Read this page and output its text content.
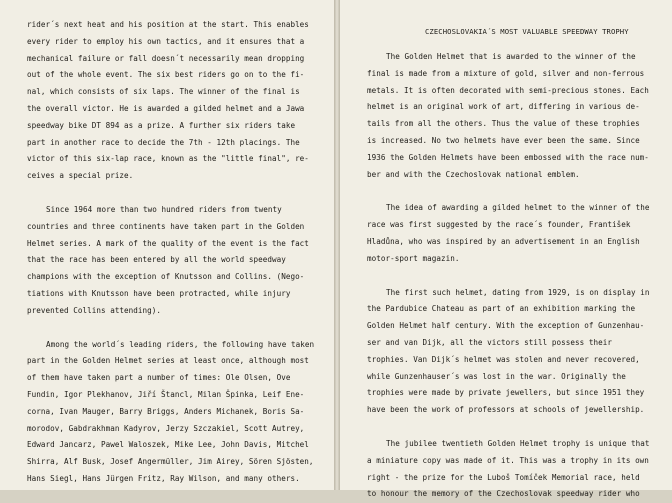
rider´s next heat and his position at the start. This enables
every rider to employ his own tactics, and it ensures that a
mechanical failure or fall doesn´t necessarily mean dropping
out of the whole event. The six best riders go on to the fi-
nal, which consists of six laps. The winner of the final is
the overall victor. He is awarded a gilded helmet and a Jawa
speedway bike DT 894 as a prize. A further six riders take
part in another race to decide the 7th - 12th placings. The
victor of this six-lap race, known as the "little final", re-
ceives a special prize.
Since 1964 more than two hundred riders from twenty
countries and three continents have taken part in the Golden
Helmet series. A mark of the quality of the event is the fact
that the race has been entered by all the world speedway
champions with the exception of Knutsson and Collins. (Nego-
tiations with Knutsson have been protracted, while injury
prevented Collins attending).
Among the world´s leading riders, the following have taken
part in the Golden Helmet series at least once, although most
of them have taken part a number of times: Ole Olsen, Ove
Fundin, Igor Plekhanov, Jiří Štancl, Milan Špinka, Leif Ene-
corna, Ivan Mauger, Barry Briggs, Anders Michanek, Boris Sa-
morodov, Gabdrakhman Kadyrov, Jerzy Szczakiel, Scott Autrey,
Edward Jancarz, Pawel Waloszek, Mike Lee, John Davis, Mitchel
Shirra, Alf Busk, Josef Angermüller, Jim Airey, Sören Sjösten,
Hans Siegl, Hans Jürgen Fritz, Ray Wilson, and many others.
CZECHOSLOVAKIA´S MOST VALUABLE SPEEDWAY TROPHY
The Golden Helmet that is awarded to the winner of the
final is made from a mixture of gold, silver and non-ferrous
metals. It is often decorated with semi-precious stones. Each
helmet is an original work of art, differing in various de-
tails from all the others. Thus the value of these trophies
is increased. No two helmets have ever been the same. Since
1936 the Golden Helmets have been embossed with the race num-
ber and with the Czechoslovak national emblem.
The idea of awarding a gilded helmet to the winner of the
race was first suggested by the race´s founder, František
Hladůna, who was inspired by an advertisement in an English
motor-sport magazin.
The first such helmet, dating from 1929, is on display in
the Pardubice Chateau as part of an exhibition marking the
Golden Helmet half century. With the exception of Gunzenhau-
ser and van Dijk, all the victors still possess their
trophies. Van Dijk´s helmet was stolen and never recovered,
while Gunzenhauser´s was lost in the war. Originally the
trophies were made by private jewellers, but since 1951 they
have been the work of professors at schools of jewellership.
The jubilee twentieth Golden Helmet trophy is unique that
a miniature copy was made of it. This was a trophy in its own
right - the prize for the Luboš Tomíček Memorial race, held
to honour the memory of the Czechoslovak speedway rider who
